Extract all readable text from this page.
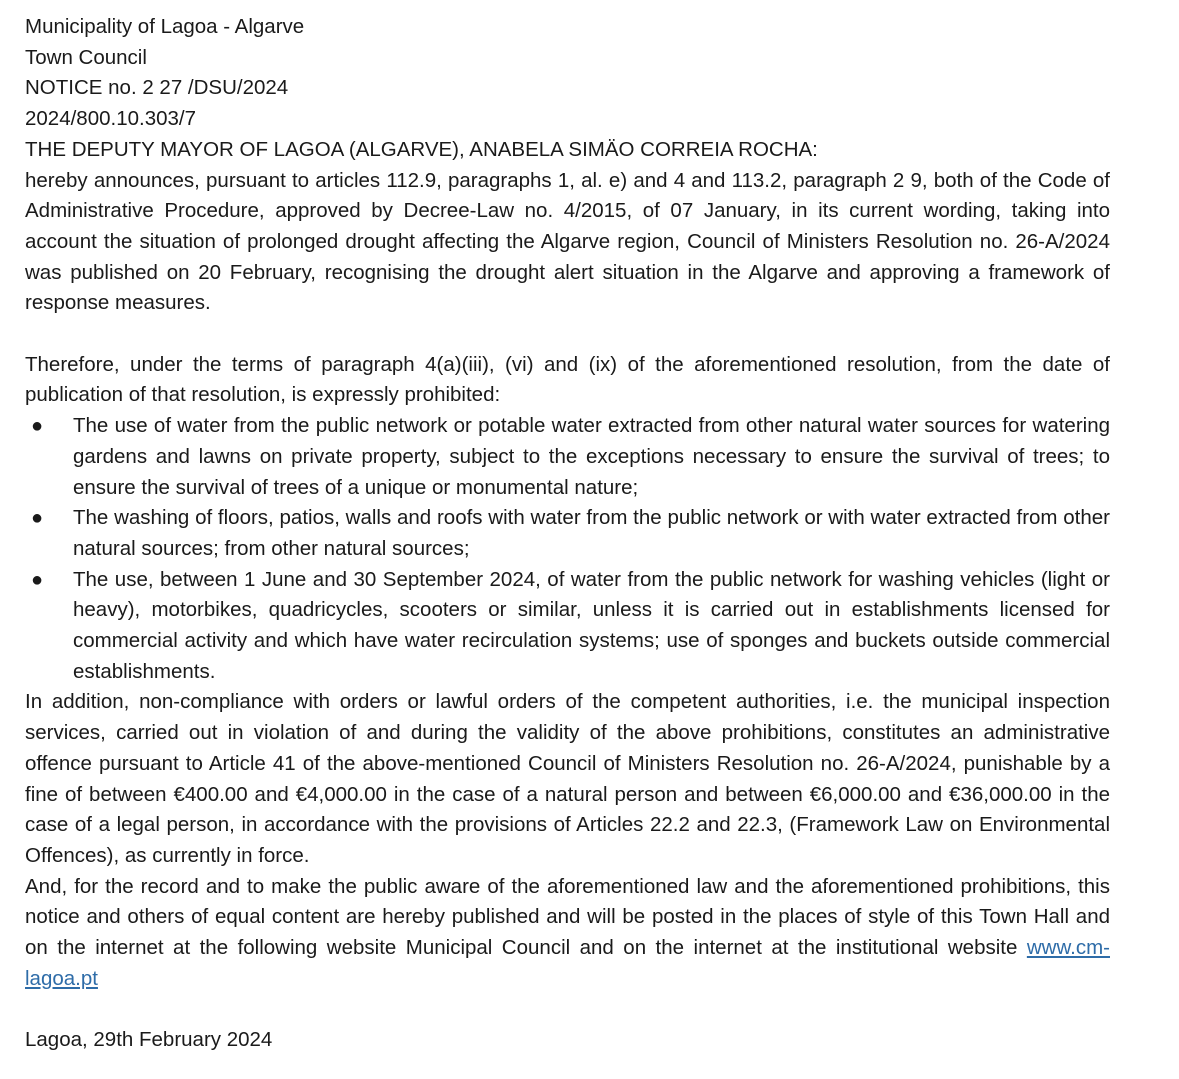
Municipality of Lagoa - Algarve
Town Council
NOTICE no. 2 27 /DSU/2024
2024/800.10.303/7
THE DEPUTY MAYOR OF LAGOA (ALGARVE), ANABELA SIMÄO CORREIA ROCHA:

hereby announces, pursuant to articles 112.9, paragraphs 1, al. e) and 4 and 113.2, paragraph 2 9, both of the Code of Administrative Procedure, approved by Decree-Law no. 4/2015, of 07 January, in its current wording, taking into account the situation of prolonged drought affecting the Algarve region, Council of Ministers Resolution no. 26-A/2024 was published on 20 February, recognising the drought alert situation in the Algarve and approving a framework of response measures.

Therefore, under the terms of paragraph 4(a)(iii), (vi) and (ix) of the aforementioned resolution, from the date of publication of that resolution, is expressly prohibited:

● The use of water from the public network or potable water extracted from other natural water sources for watering gardens and lawns on private property, subject to the exceptions necessary to ensure the survival of trees; to ensure the survival of trees of a unique or monumental nature;
● The washing of floors, patios, walls and roofs with water from the public network or with water extracted from other natural sources; from other natural sources;
● The use, between 1 June and 30 September 2024, of water from the public network for washing vehicles (light or heavy), motorbikes, quadricycles, scooters or similar, unless it is carried out in establishments licensed for commercial activity and which have water recirculation systems; use of sponges and buckets outside commercial establishments.

In addition, non-compliance with orders or lawful orders of the competent authorities, i.e. the municipal inspection services, carried out in violation of and during the validity of the above prohibitions, constitutes an administrative offence pursuant to Article 41 of the above-mentioned Council of Ministers Resolution no. 26-A/2024, punishable by a fine of between €400.00 and €4,000.00 in the case of a natural person and between €6,000.00 and €36,000.00 in the case of a legal person, in accordance with the provisions of Articles 22.2 and 22.3, (Framework Law on Environmental Offences), as currently in force.

And, for the record and to make the public aware of the aforementioned law and the aforementioned prohibitions, this notice and others of equal content are hereby published and will be posted in the places of style of this Town Hall and on the internet at the following website Municipal Council and on the internet at the institutional website www.cm-lagoa.pt

Lagoa, 29th February 2024
